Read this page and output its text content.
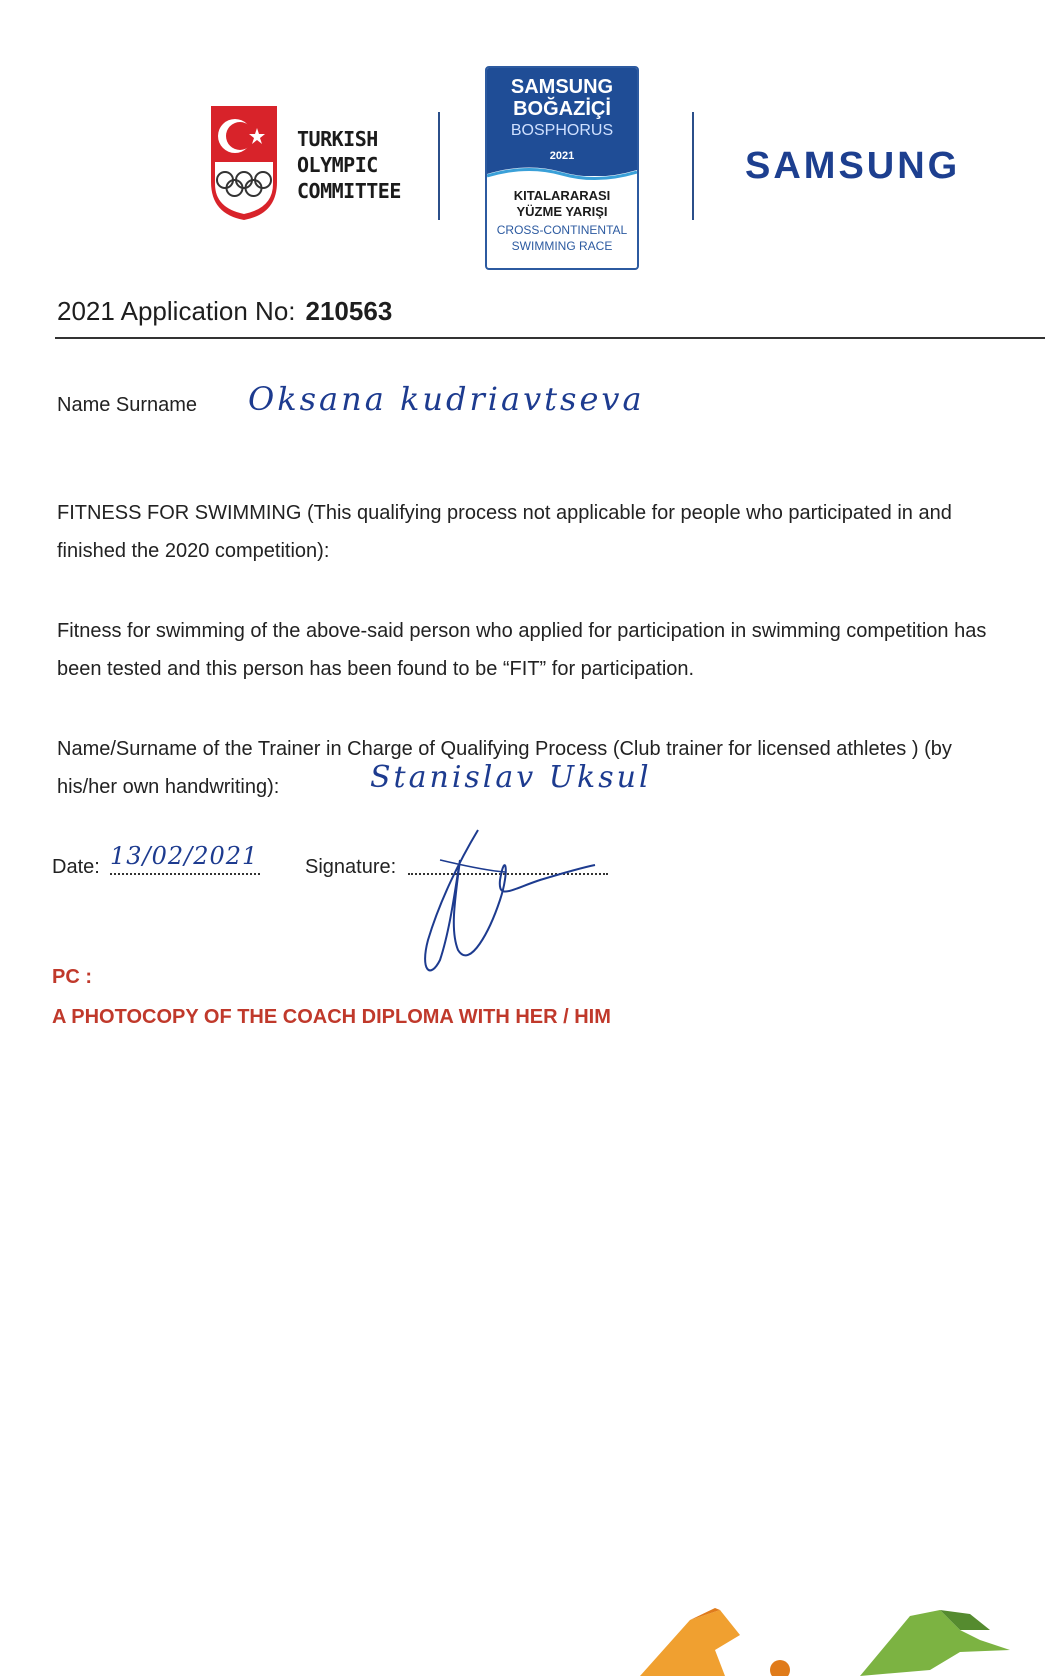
TURKISH
OLYMPIC
COMMITTEE
SAMSUNG
BOĞAZİÇİ
BOSPHORUS
2021
KITALARARASI
YÜZME YARIŞI
CROSS-CONTINENTAL
SWIMMING RACE
SAMSUNG
2021 Application No: 210563
Name Surname Oksana kudriavtseva
FITNESS FOR SWIMMING (This qualifying process not applicable for people who participated in and finished the 2020 competition):
Fitness for swimming of the above-said person who applied for participation in swimming competition has been tested and this person has been found to be “FIT” for participation.
Name/Surname of the Trainer in Charge of Qualifying Process (Club trainer for licensed athletes ) (by his/her own handwriting):	Stanislav Uksul
Date: 13/02/2021 Signature:
PC :
A PHOTOCOPY OF THE COACH DIPLOMA WITH HER / HIM
